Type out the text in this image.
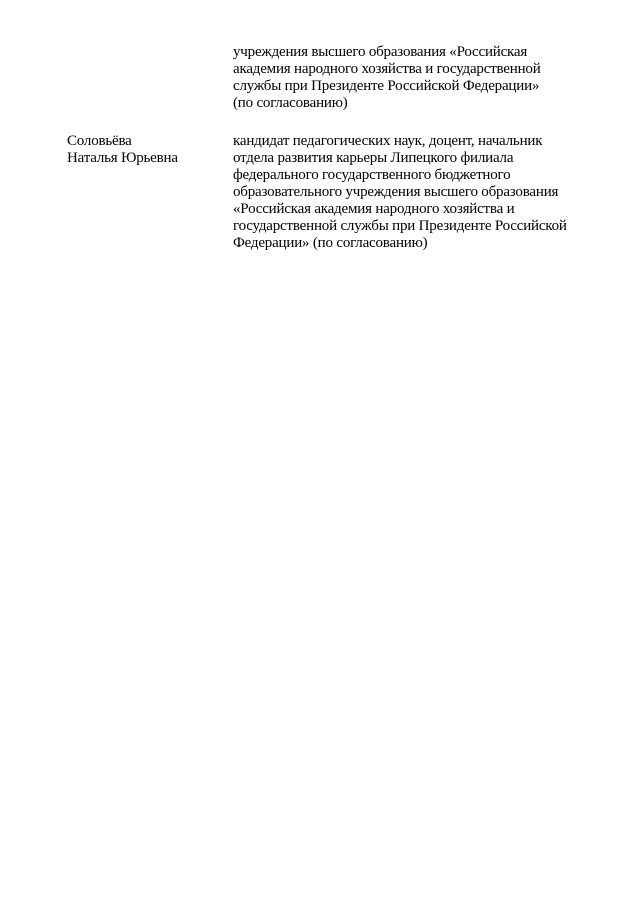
учреждения высшего образования «Российская
академия народного хозяйства и государственной
службы при Президенте Российской Федерации»
(по согласованию)
Соловьёва
Наталья Юрьевна
кандидат педагогических наук, доцент, начальник
отдела развития карьеры Липецкого филиала
федерального государственного бюджетного
образовательного учреждения высшего образования
«Российская академия народного хозяйства и
государственной службы при Президенте Российской
Федерации» (по согласованию)
